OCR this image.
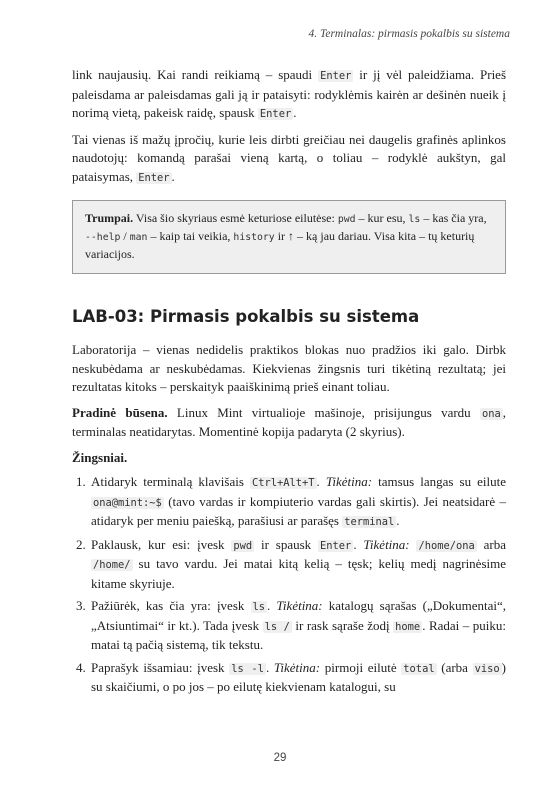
4. Terminalas: pirmasis pokalbis su sistema

link naujausių. Kai randi reikiamą – spaudi Enter ir jį vėl paleidžiama. Prieš paleisdama ar paleisdamas gali ją ir pataisyti: rodyklėmis kairėn ar dešinėn nueik į norimą vietą, pakeisk raidę, spausk Enter .

Tai vienas iš mažų įpročių, kurie leis dirbti greičiau nei daugelis grafinės aplinkos naudotojų: komandą parašai vieną kartą, o toliau – rodyklė aukštyn, gal pataisymas, Enter .

Trumpai. Visa šio skyriaus esmė keturiose eilutėse: pwd – kur esu, ls – kas čia yra, --help / man – kaip tai veikia, history ir ↑ – ką jau dariau. Visa kita – tų keturių variacijos.

LAB-03: Pirmasis pokalbis su sistema

Laboratorija – vienas nedidelis praktikos blokas nuo pradžios iki galo. Dirbk neskubėdama ar neskubėdamas. Kiekvienas žingsnis turi tikėtiną rezultatą; jei rezultatas kitoks – perskaityk paaiškinimą prieš einant toliau.

Pradinė būsena. Linux Mint virtualioje mašinoje, prisijungus vardu ona , terminalas neatidarytas. Momentinė kopija padaryta (2 skyrius).

Žingsniai.
1. Atidaryk terminalą klavišais Ctrl+Alt+T . Tikėtina: tamsus langas su eilute ona@mint:~$ (tavo vardas ir kompiuterio vardas gali skirtis). Jei neatsidarė – atidaryk per meniu paiešką, parašiusi ar parašęs terminal .
2. Paklausk, kur esi: įvesk pwd ir spausk Enter . Tikėtina: /home/ona arba /home/ su tavo vardu. Jei matai kitą kelią – tęsk; kelių medį nagrinėsime kitame skyriuje.
3. Pažiūrėk, kas čia yra: įvesk ls . Tikėtina: katalogų sąrašas („Dokumentai“, „Atsiuntimai“ ir kt.). Tada įvesk ls / ir rask sąraše žodį home . Radai – puiku: matai tą pačią sistemą, tik tekstu.
4. Paprašyk išsamiau: įvesk ls -l . Tikėtina: pirmoji eilutė total (arba viso ) su skaičiumi, o po jos – po eilutę kiekvienam katalogui, su
29
